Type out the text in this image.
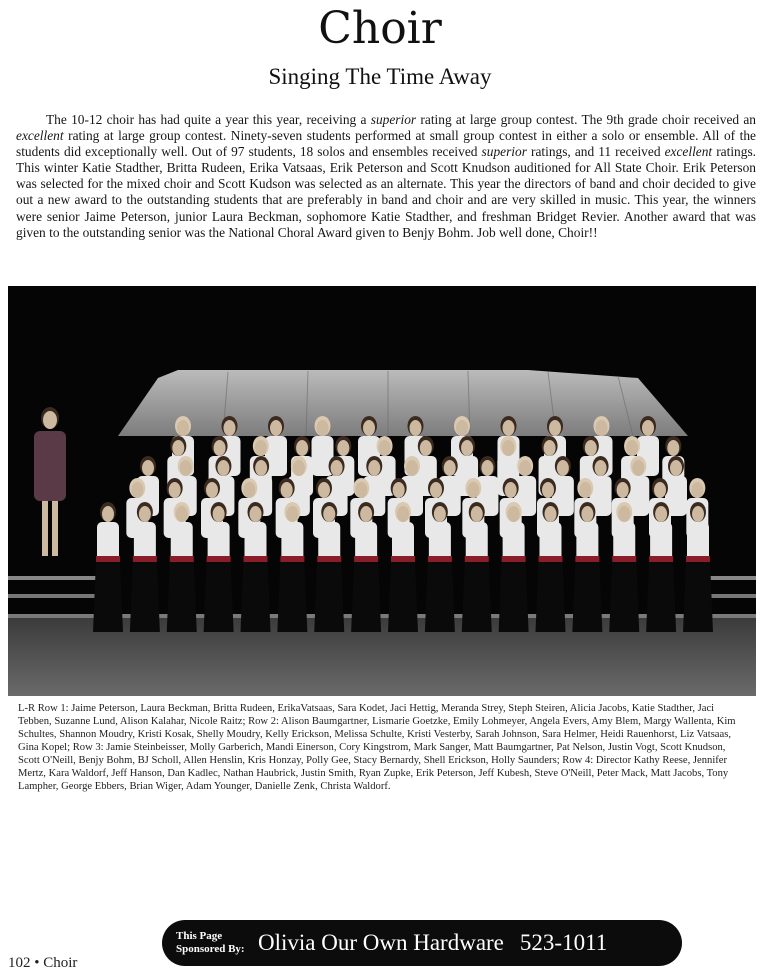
Choir
Singing The Time Away

The 10-12 choir has had quite a year this year, receiving a superior rating at large group contest. The 9th grade choir received an excellent rating at large group contest. Ninety-seven students performed at small group contest in either a solo or ensemble. All of the students did exceptionally well. Out of 97 students, 18 solos and ensembles received superior ratings, and 11 received excellent ratings. This winter Katie Stadther, Britta Rudeen, Erika Vatsaas, Erik Peterson and Scott Knudson auditioned for All State Choir. Erik Peterson was selected for the mixed choir and Scott Kudson was selected as an alternate. This year the directors of band and choir decided to give out a new award to the outstanding students that are preferably in band and choir and are very skilled in music. This year, the winners were senior Jaime Peterson, junior Laura Beckman, sophomore Katie Stadther, and freshman Bridget Revier. Another award that was given to the outstanding senior was the National Choral Award given to Benjy Bohm. Job well done, Choir!!

L-R Row 1: Jaime Peterson, Laura Beckman, Britta Rudeen, ErikaVatsaas, Sara Kodet, Jaci Hettig, Meranda Strey, Steph Steiren, Alicia Jacobs, Katie Stadther, Jaci Tebben, Suzanne Lund, Alison Kalahar, Nicole Raitz; Row 2: Alison Baumgartner, Lismarie Goetzke, Emily Lohmeyer, Angela Evers, Amy Blem, Margy Wallenta, Kim Schultes, Shannon Moudry, Kristi Kosak, Shelly Moudry, Kelly Erickson, Melissa Schulte, Kristi Vesterby, Sarah Johnson, Sara Helmer, Heidi Rauenhorst, Liz Vatsaas, Gina Kopel; Row 3: Jamie Steinbeisser, Molly Garberich, Mandi Einerson, Cory Kingstrom, Mark Sanger, Matt Baumgartner, Pat Nelson, Justin Vogt, Scott Knudson, Scott O'Neill, Benjy Bohm, BJ Scholl, Allen Henslin, Kris Honzay, Polly Gee, Stacy Bernardy, Shell Erickson, Holly Saunders; Row 4: Director Kathy Reese, Jennifer Mertz, Kara Waldorf, Jeff Hanson, Dan Kadlec, Nathan Haubrick, Justin Smith, Ryan Zupke, Erik Peterson, Jeff Kubesh, Steve O'Neill, Peter Mack, Matt Jacobs, Tony Lampher, George Ebbers, Brian Wiger, Adam Younger, Danielle Zenk, Christa Waldorf.

This Page Sponsored By: Olivia Our Own Hardware 523-1011
102 • Choir
